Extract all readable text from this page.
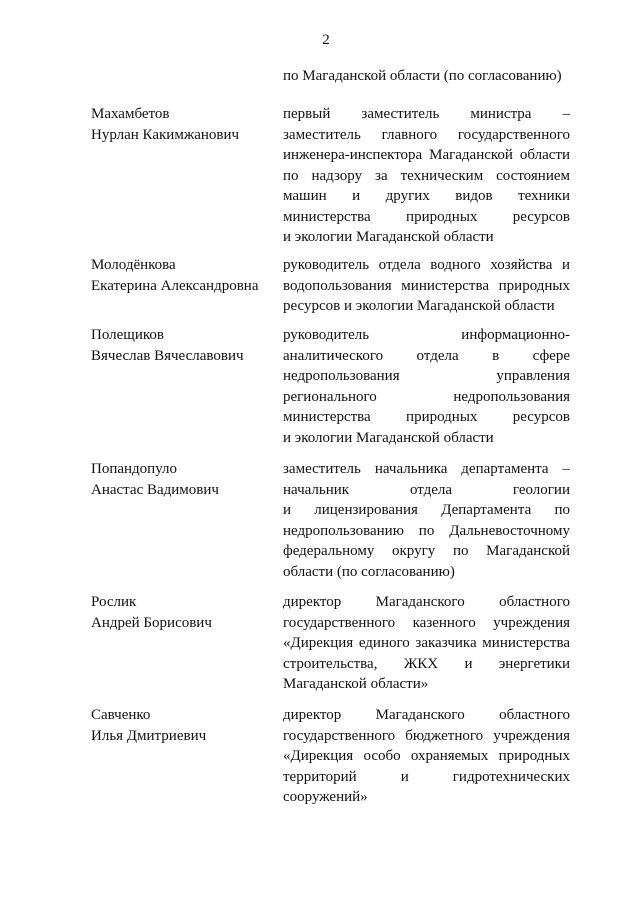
2
по Магаданской области (по согласованию)
Махамбетов
Нурлан Какимжанович
первый заместитель министра –
заместитель главного государственного
инженера-инспектора Магаданской области
по надзору за техническим состоянием
машин и других видов техники
министерства природных ресурсов
и экологии Магаданской области
Молодёнкова
Екатерина Александровна
руководитель отдела водного хозяйства и
водопользования министерства природных
ресурсов и экологии Магаданской области
Полещиков
Вячеслав Вячеславович
руководитель информационно-
аналитического отдела в сфере
недропользования управления
регионального недропользования
министерства природных ресурсов
и экологии Магаданской области
Попандопуло
Анастас Вадимович
заместитель начальника департамента –
начальник отдела геологии
и лицензирования Департамента по
недропользованию по Дальневосточному
федеральному округу по Магаданской
области (по согласованию)
Рослик
Андрей Борисович
директор Магаданского областного
государственного казенного учреждения
«Дирекция единого заказчика министерства
строительства, ЖКХ и энергетики
Магаданской области»
Савченко
Илья Дмитриевич
директор Магаданского областного
государственного бюджетного учреждения
«Дирекция особо охраняемых природных
территорий и гидротехнических
сооружений»
